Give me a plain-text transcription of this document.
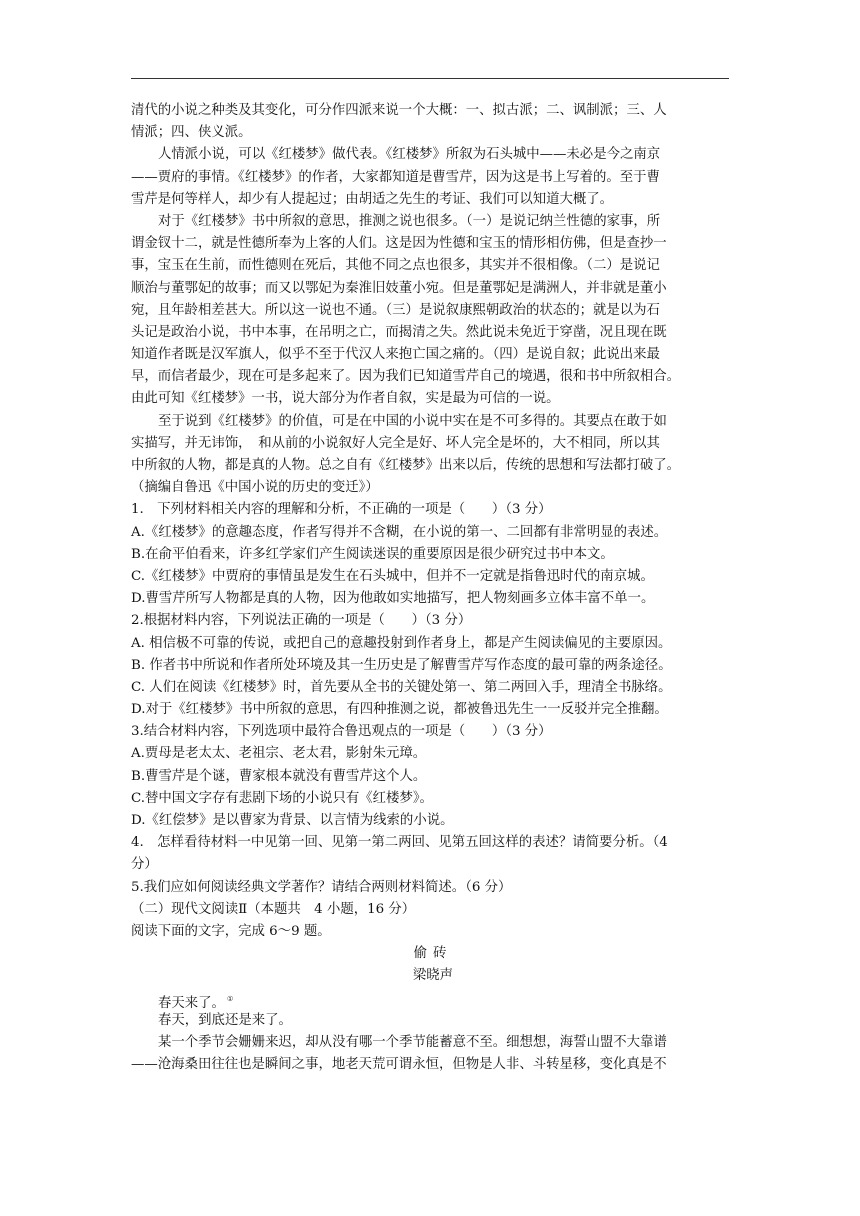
清代的小说之种类及其变化，可分作四派来说一个大概：一、拟古派；二、讽制派；三、人
情派；四、侠义派。
人情派小说，可以《红楼梦》做代表。《红楼梦》所叙为石头城中——未必是今之南京
——贾府的事情。《红楼梦》的作者，大家都知道是曹雪芹，因为这是书上写着的。至于曹
雪芹是何等样人，却少有人提起过；由胡适之先生的考证、我们可以知道大概了。
对于《红楼梦》书中所叙的意思，推测之说也很多。（一）是说记纳兰性德的家事，所
谓金钗十二，就是性德所奉为上客的人们。这是因为性德和宝玉的情形相仿佛，但是查抄一
事，宝玉在生前，而性德则在死后，其他不同之点也很多，其实并不很相像。（二）是说记
顺治与董鄂妃的故事；而又以鄂妃为秦淮旧妓董小宛。但是董鄂妃是满洲人，并非就是董小
宛，且年龄相差甚大。所以这一说也不通。（三）是说叙康熙朝政治的状态的；就是以为石
头记是政治小说，书中本事，在吊明之亡，而揭清之失。然此说未免近于穿凿，况且现在既
知道作者既是汉军旗人，似乎不至于代汉人来抱亡国之痛的。（四）是说自叙；此说出来最
早，而信者最少，现在可是多起来了。因为我们已知道雪芹自己的境遇，很和书中所叙相合。
由此可知《红楼梦》一书，说大部分为作者自叙，实是最为可信的一说。
至于说到《红楼梦》的价值，可是在中国的小说中实在是不可多得的。其要点在敢于如
实描写，并无讳饰，　和从前的小说叙好人完全是好、坏人完全是坏的，大不相同，所以其
中所叙的人物，都是真的人物。总之自有《红楼梦》出来以后，传统的思想和写法都打破了。
（摘编自鲁迅《中国小说的历史的变迁》）
1.　下列材料相关内容的理解和分析，不正确的一项是（　　）（3 分）
A.《红楼梦》的意趣态度，作者写得并不含糊，在小说的第一、二回都有非常明显的表述。
B.在俞平伯看来，许多红学家们产生阅读迷误的重要原因是很少研究过书中本文。
C.《红楼梦》中贾府的事情虽是发生在石头城中，但并不一定就是指鲁迅时代的南京城。
D.曹雪芹所写人物都是真的人物，因为他敢如实地描写，把人物刻画多立体丰富不单一。
2.根据材料内容，下列说法正确的一项是（　　）（3 分）
A. 相信极不可靠的传说，或把自己的意趣投射到作者身上，都是产生阅读偏见的主要原因。
B. 作者书中所说和作者所处环境及其一生历史是了解曹雪芹写作态度的最可靠的两条途径。
C. 人们在阅读《红楼梦》时，首先要从全书的关键处第一、第二两回入手，理清全书脉络。
D.对于《红楼梦》书中所叙的意思，有四种推测之说，都被鲁迅先生一一反驳并完全推翻。
3.结合材料内容，下列选项中最符合鲁迅观点的一项是（　　）（3 分）
A.贾母是老太太、老祖宗、老太君，影射朱元璋。
B.曹雪芹是个谜，曹家根本就没有曹雪芹这个人。
C.替中国文字存有悲剧下场的小说只有《红楼梦》。
D.《红偿梦》是以曹家为背景、以言情为线索的小说。
4.　怎样看待材料一中见第一回、见第一第二两回、见第五回这样的表述？请简要分析。（4
分）
5.我们应如何阅读经典文学著作？请结合两则材料简述。（6 分）
（二）现代文阅读Ⅱ（本题共　4 小题，16 分）
阅读下面的文字，完成 6～9 题。
偷砖
梁晓声
春天来了。 ①
春天，到底还是来了。
某一个季节会姗姗来迟，却从没有哪一个季节能蓄意不至。细想想，海誓山盟不大靠谱
——沧海桑田往往也是瞬间之事，地老天荒可谓永恒，但物是人非、斗转星移，变化真是不
